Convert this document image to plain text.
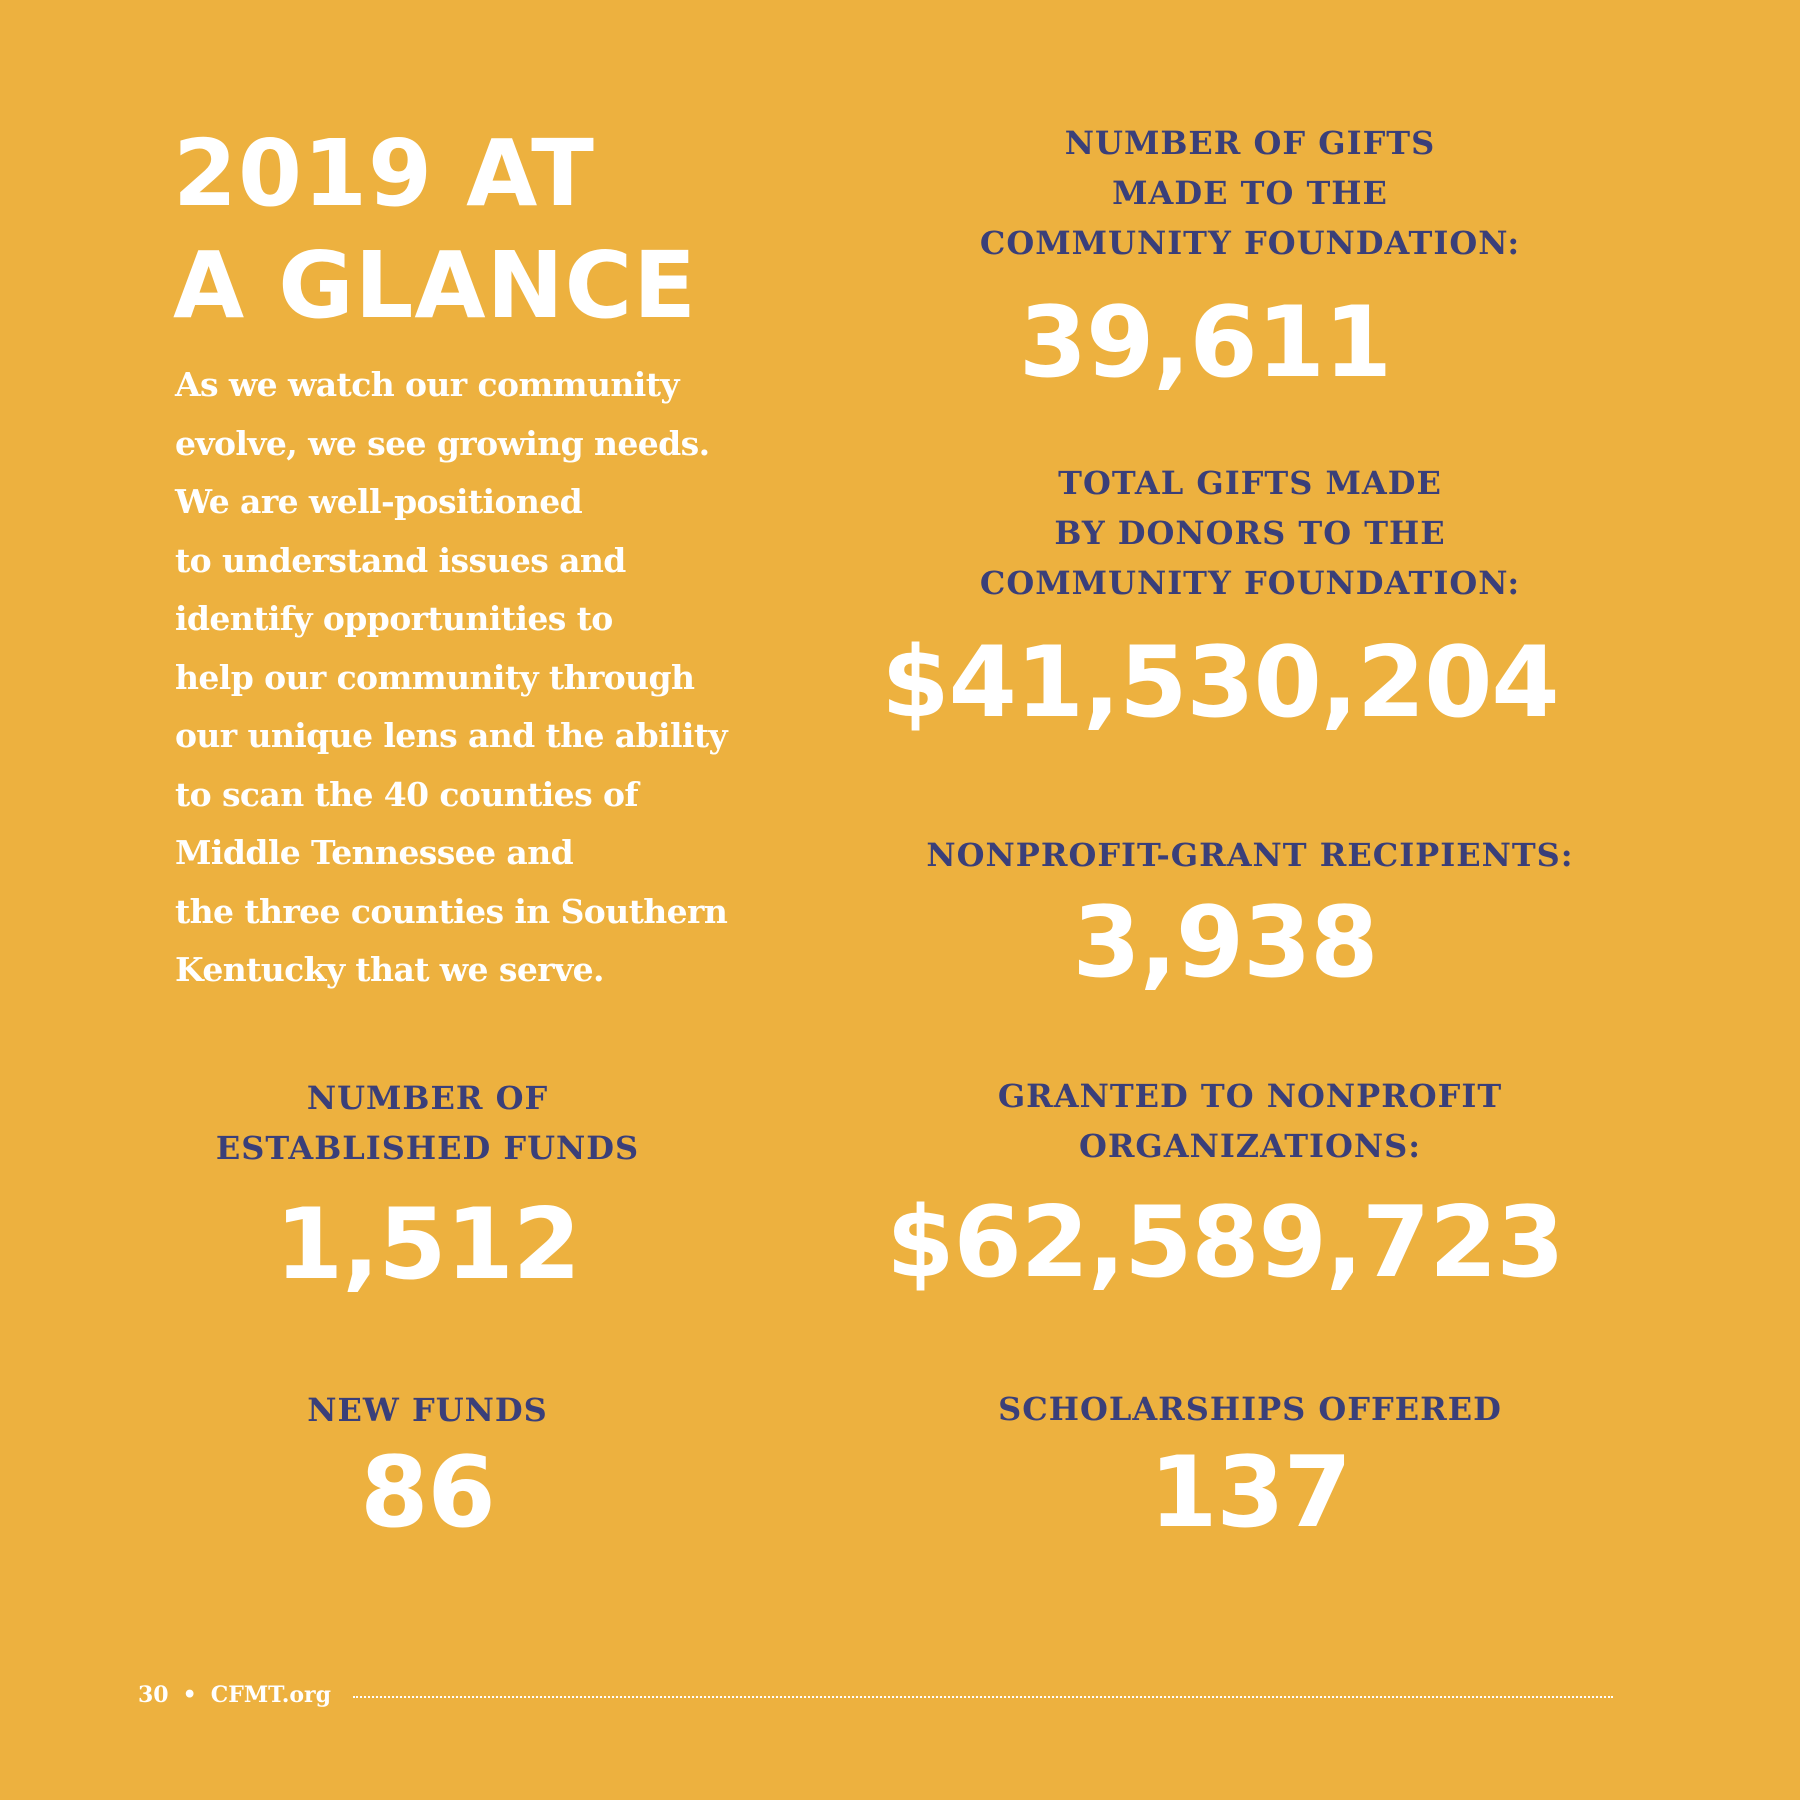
2019 AT
A GLANCE

As we watch our community
evolve, we see growing needs.
We are well-positioned
to understand issues and
identify opportunities to
help our community through
our unique lens and the ability
to scan the 40 counties of
Middle Tennessee and
the three counties in Southern
Kentucky that we serve.

NUMBER OF GIFTS
MADE TO THE
COMMUNITY FOUNDATION:
39,611
TOTAL GIFTS MADE
BY DONORS TO THE
COMMUNITY FOUNDATION:
$41,530,204
NONPROFIT-GRANT RECIPIENTS:
3,938
GRANTED TO NONPROFIT
ORGANIZATIONS:
$62,589,723
SCHOLARSHIPS OFFERED
137
NUMBER OF
ESTABLISHED FUNDS
1,512
NEW FUNDS
86
30 • CFMT.org
